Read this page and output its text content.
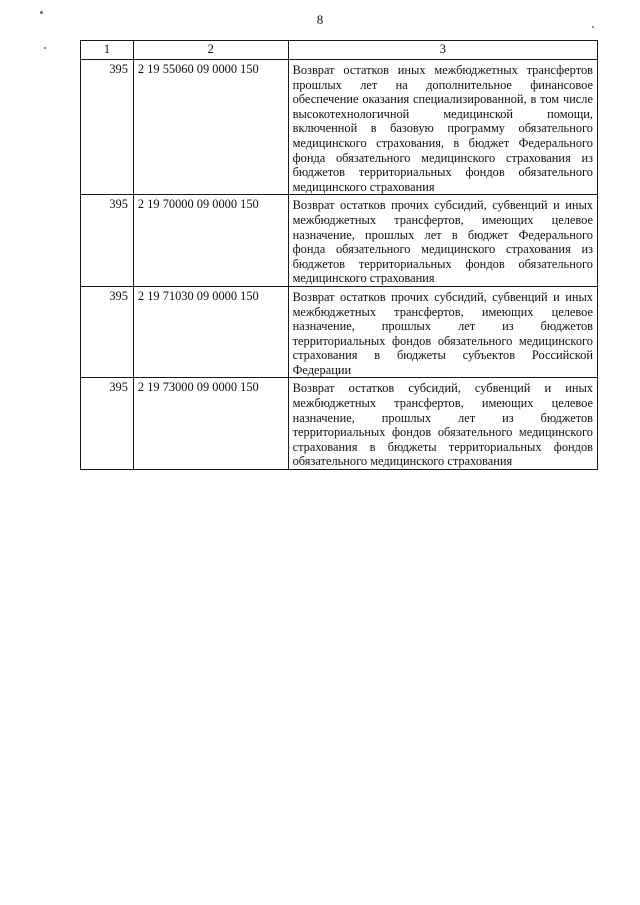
8
1	2	3
395	2 19 55060 09 0000 150	Возврат остатков иных межбюджетных трансфертов прошлых лет на дополнительное финансовое обеспечение оказания специализированной, в том числе высокотехнологичной медицинской помощи, включенной в базовую программу обязательного медицинского страхования, в бюджет Федерального фонда обязательного медицинского страхования из бюджетов территориальных фондов обязательного медицинского страхования
395	2 19 70000 09 0000 150	Возврат остатков прочих субсидий, субвенций и иных межбюджетных трансфертов, имеющих целевое назначение, прошлых лет в бюджет Федерального фонда обязательного медицинского страхования из бюджетов территориальных фондов обязательного медицинского страхования
395	2 19 71030 09 0000 150	Возврат остатков прочих субсидий, субвенций и иных межбюджетных трансфертов, имеющих целевое назначение, прошлых лет из бюджетов территориальных фондов обязательного медицинского страхования в бюджеты субъектов Российской Федерации
395	2 19 73000 09 0000 150	Возврат остатков субсидий, субвенций и иных межбюджетных трансфертов, имеющих целевое назначение, прошлых лет из бюджетов территориальных фондов обязательного медицинского страхования в бюджеты территориальных фондов обязательного медицинского страхования
